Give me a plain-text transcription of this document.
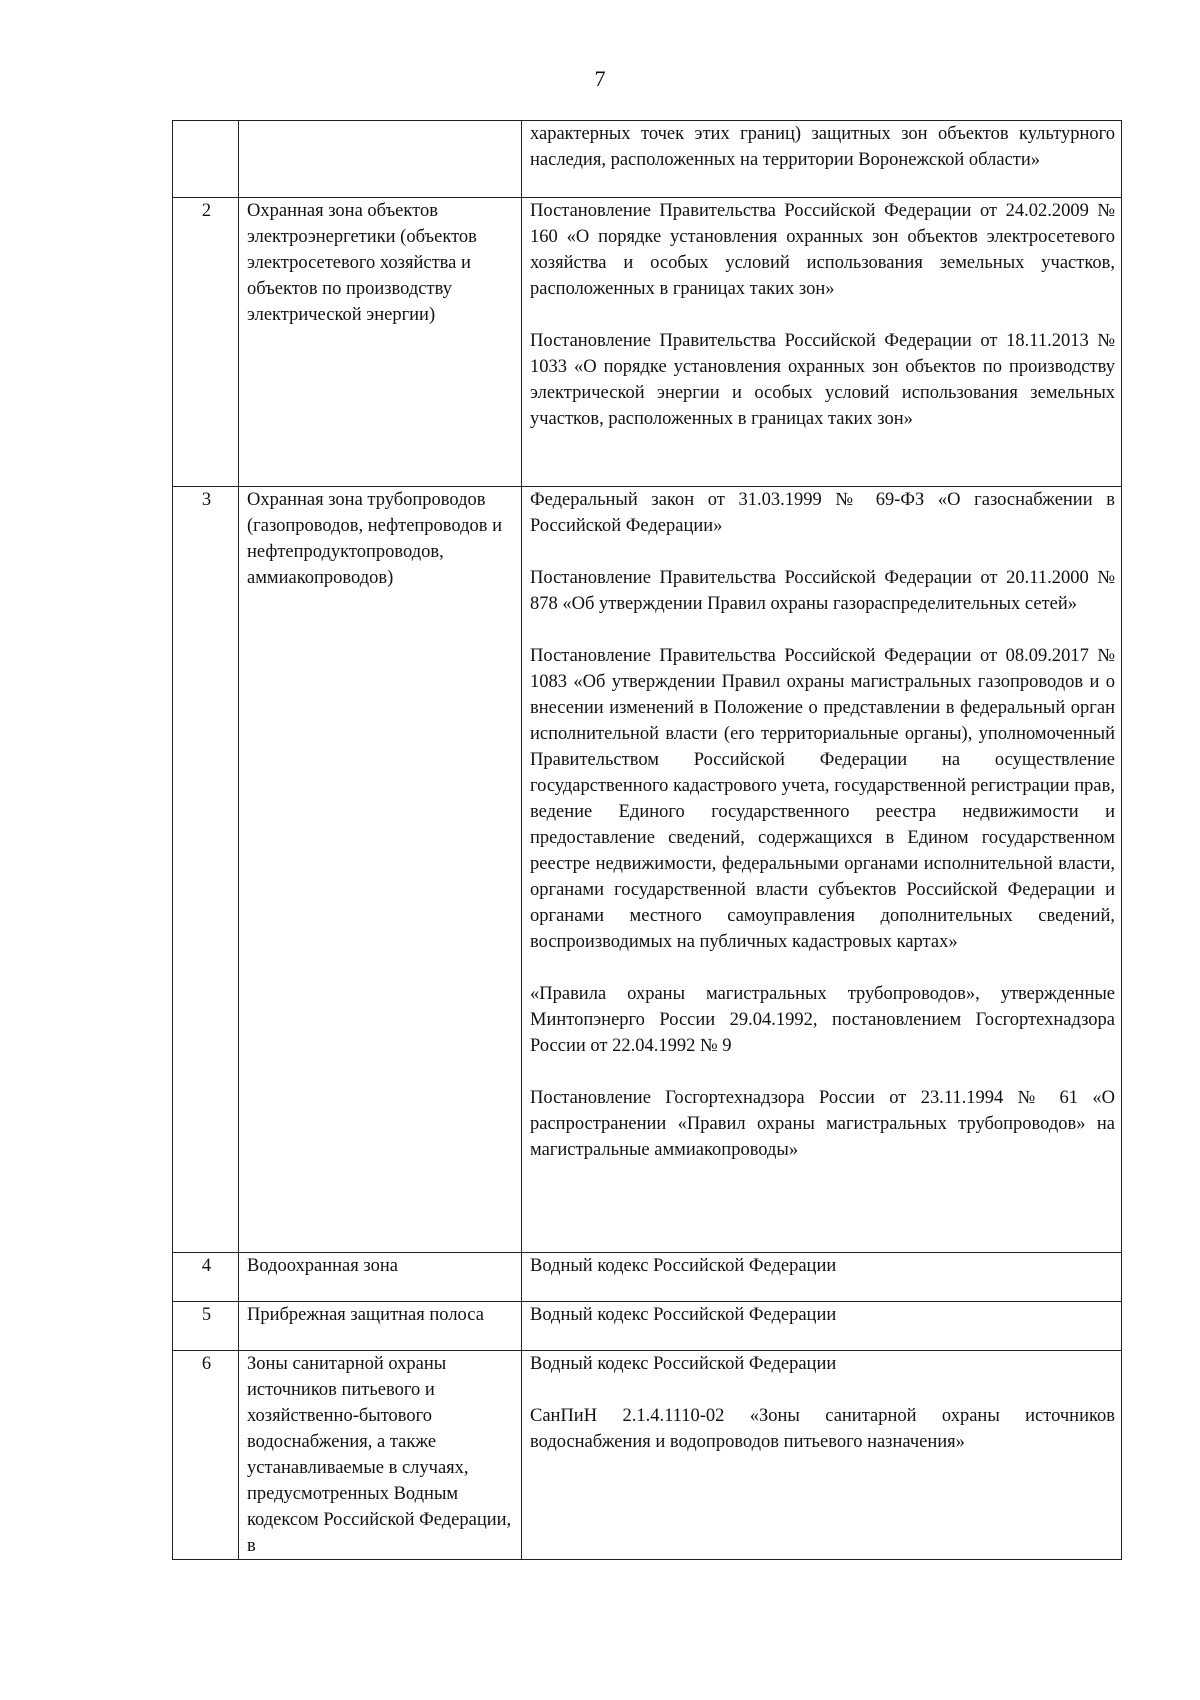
7

		характерных точек этих границ) защитных зон объектов культурного наследия, расположенных на территории Воронежской области»

2	Охранная зона объектов электроэнергетики (объектов электросетевого хозяйства и объектов по производству электрической энергии)	Постановление Правительства Российской Федерации от 24.02.2009 № 160 «О порядке установления охранных зон объектов электросетевого хозяйства и особых условий использования земельных участков, расположенных в границах таких зон»

Постановление Правительства Российской Федерации от 18.11.2013 № 1033 «О порядке установления охранных зон объектов по производству электрической энергии и особых условий использования земельных участков, расположенных в границах таких зон»

3	Охранная зона трубопроводов (газопроводов, нефтепроводов и нефтепродуктопроводов, аммиакопроводов)	Федеральный закон от 31.03.1999 № 69-ФЗ «О газоснабжении в Российской Федерации»

Постановление Правительства Российской Федерации от 20.11.2000 № 878 «Об утверждении Правил охраны газораспределительных сетей»

Постановление Правительства Российской Федерации от 08.09.2017 № 1083 «Об утверждении Правил охраны магистральных газопроводов и о внесении изменений в Положение о представлении в федеральный орган исполнительной власти (его территориальные органы), уполномоченный Правительством Российской Федерации на осуществление государственного кадастрового учета, государственной регистрации прав, ведение Единого государственного реестра недвижимости и предоставление сведений, содержащихся в Едином государственном реестре недвижимости, федеральными органами исполнительной власти, органами государственной власти субъектов Российской Федерации и органами местного самоуправления дополнительных сведений, воспроизводимых на публичных кадастровых картах»

«Правила охраны магистральных трубопроводов», утвержденные Минтопэнерго России 29.04.1992, постановлением Госгортехнадзора России от 22.04.1992 № 9

Постановление Госгортехнадзора России от 23.11.1994 № 61 «О распространении «Правил охраны магистральных трубопроводов» на магистральные аммиакопроводы»

4	Водоохранная зона	Водный кодекс Российской Федерации

5	Прибрежная защитная полоса	Водный кодекс Российской Федерации

6	Зоны санитарной охраны источников питьевого и хозяйственно-бытового водоснабжения, а также устанавливаемые в случаях, предусмотренных Водным кодексом Российской Федерации, в	Водный кодекс Российской Федерации

СанПиН 2.1.4.1110-02 «Зоны санитарной охраны источников водоснабжения и водопроводов питьевого назначения»
